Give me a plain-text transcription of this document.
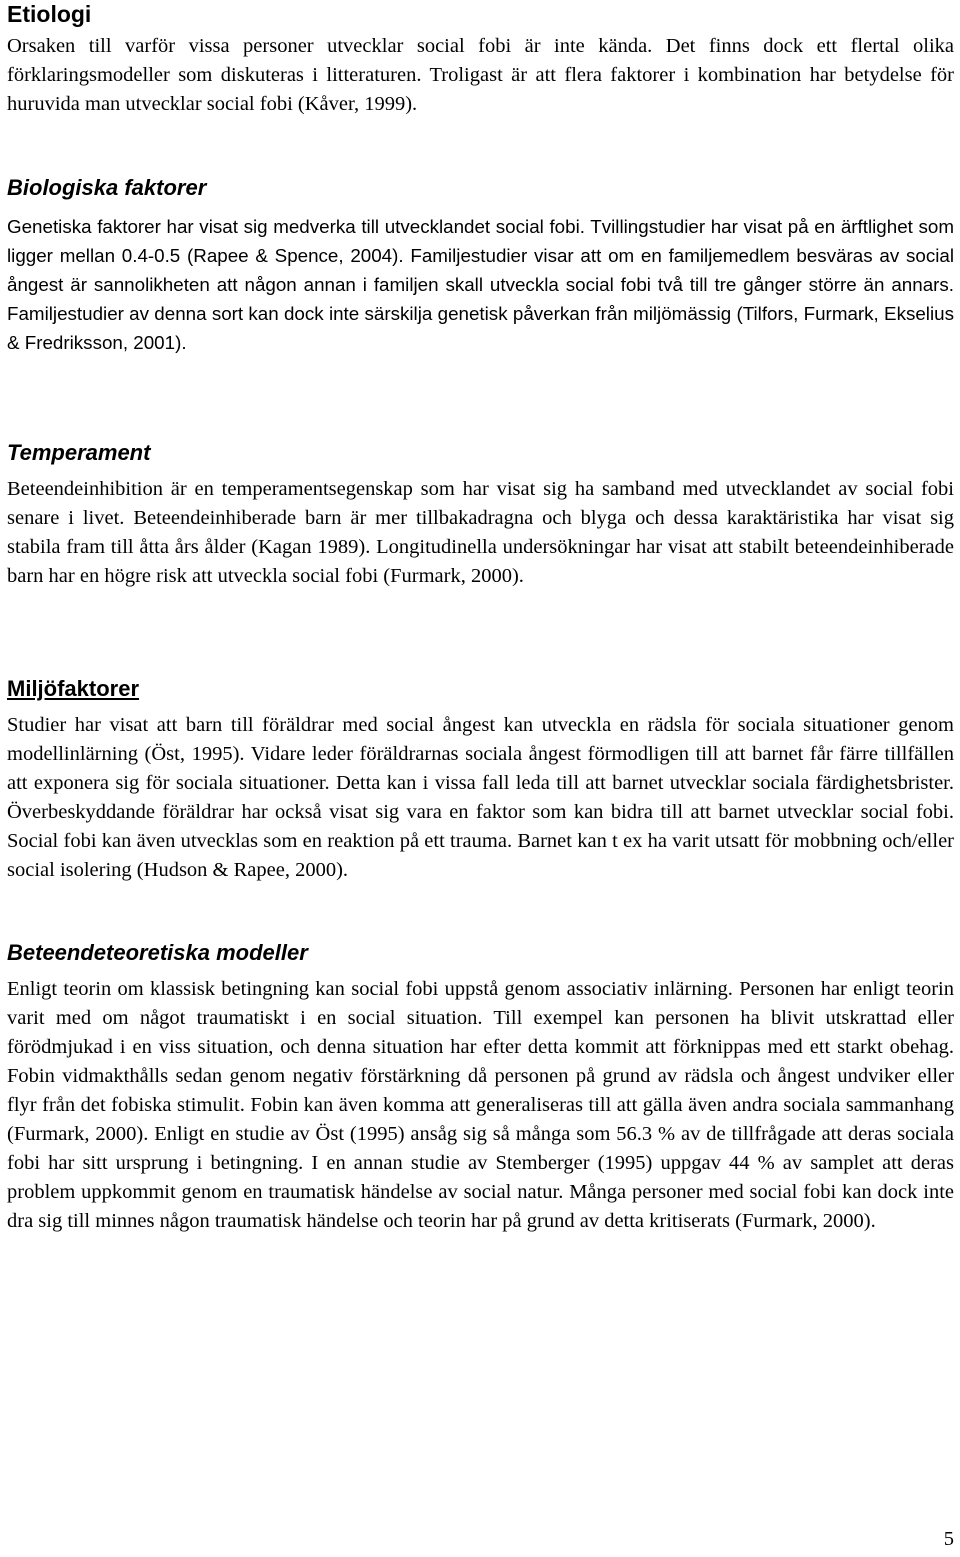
Etiologi

Orsaken till varför vissa personer utvecklar social fobi är inte kända. Det finns dock ett flertal olika förklaringsmodeller som diskuteras i litteraturen. Troligast är att flera faktorer i kombination har betydelse för huruvida man utvecklar social fobi (Kåver, 1999).

Biologiska faktorer

Genetiska faktorer har visat sig medverka till utvecklandet social fobi. Tvillingstudier har visat på en ärftlighet som ligger mellan 0.4-0.5 (Rapee & Spence, 2004). Familjestudier visar att om en familjemedlem besväras av social ångest är sannolikheten att någon annan i familjen skall utveckla social fobi två till tre gånger större än annars. Familjestudier av denna sort kan dock inte särskilja genetisk påverkan från miljömässig (Tilfors, Furmark, Ekselius & Fredriksson, 2001).

Temperament

Beteendeinhibition är en temperamentsegenskap som har visat sig ha samband med utvecklandet av social fobi senare i livet. Beteendeinhiberade barn är mer tillbakadragna och blyga och dessa karaktäristika har visat sig stabila fram till åtta års ålder (Kagan 1989). Longitudinella undersökningar har visat att stabilt beteendeinhiberade barn har en högre risk att utveckla social fobi (Furmark, 2000).

Miljöfaktorer

Studier har visat att barn till föräldrar med social ångest kan utveckla en rädsla för sociala situationer genom modellinlärning (Öst, 1995). Vidare leder föräldrarnas sociala ångest förmodligen till att barnet får färre tillfällen att exponera sig för sociala situationer. Detta kan i vissa fall leda till att barnet utvecklar sociala färdighetsbrister. Överbeskyddande föräldrar har också visat sig vara en faktor som kan bidra till att barnet utvecklar social fobi. Social fobi kan även utvecklas som en reaktion på ett trauma. Barnet kan t ex ha varit utsatt för mobbning och/eller social isolering (Hudson & Rapee, 2000).

Beteendeteoretiska modeller

Enligt teorin om klassisk betingning kan social fobi uppstå genom associativ inlärning. Personen har enligt teorin varit med om något traumatiskt i en social situation. Till exempel kan personen ha blivit utskrattad eller förödmjukad i en viss situation, och denna situation har efter detta kommit att förknippas med ett starkt obehag. Fobin vidmakthålls sedan genom negativ förstärkning då personen på grund av rädsla och ångest undviker eller flyr från det fobiska stimulit. Fobin kan även komma att generaliseras till att gälla även andra sociala sammanhang (Furmark, 2000). Enligt en studie av Öst (1995) ansåg sig så många som 56.3 % av de tillfrågade att deras sociala fobi har sitt ursprung i betingning. I en annan studie av Stemberger (1995) uppgav 44 % av samplet att deras problem uppkommit genom en traumatisk händelse av social natur. Många personer med social fobi kan dock inte dra sig till minnes någon traumatisk händelse och teorin har på grund av detta kritiserats (Furmark, 2000).

5
